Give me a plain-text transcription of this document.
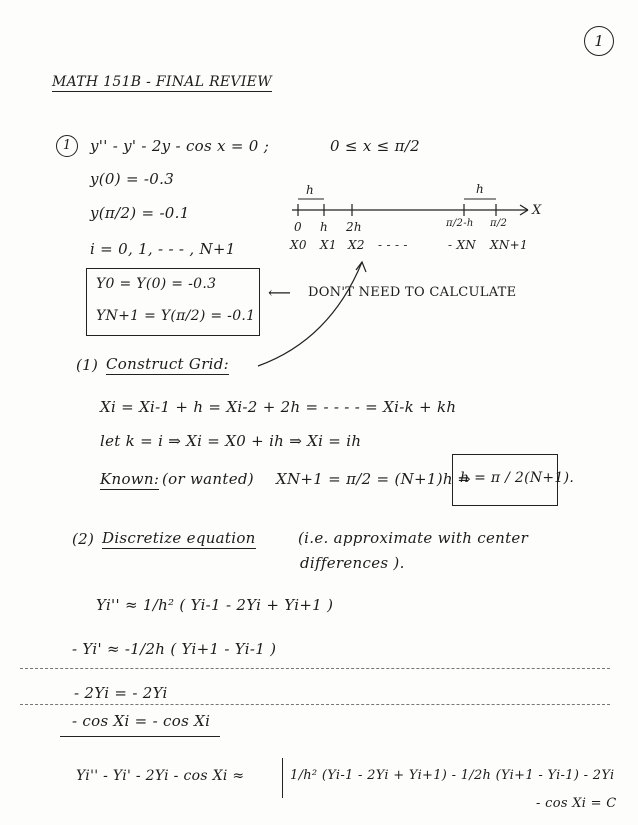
1
MATH 151B - FINAL REVIEW
1	y'' - y' - 2y - cos x = 0 ;	0 ≤ x ≤ π/2
y(0) = -0.3
y(π/2) = -0.1
i = 0, 1, - - - , N+1
h	h
X
0 h 2h	π/2-h π/2
X0 X1 X2 - - - -	- XN XN+1
Y0 = Y(0) = -0.3
YN+1 = Y(π/2) = -0.1
⟵ DON'T NEED TO CALCULATE
(1) Construct Grid:
Xi = Xi-1 + h = Xi-2 + 2h = - - - - = Xi-k + kh
let k = i ⇒ Xi = X0 + ih ⇒ Xi = ih
Known: (or wanted) XN+1 = π/2 = (N+1)h ⇒
h = π / 2(N+1).
(2) Discretize equation	(i.e. approximate with center
differences ).
Yi'' ≈ 1/h² ( Yi-1 - 2Yi + Yi+1 )
- Yi' ≈ -1/2h ( Yi+1 - Yi-1 )
- 2Yi = - 2Yi
- cos Xi = - cos Xi
Yi'' - Yi' - 2Yi - cos Xi ≈	1/h² (Yi-1 - 2Yi + Yi+1) - 1/2h (Yi+1 - Yi-1) - 2Yi
- cos Xi = C
